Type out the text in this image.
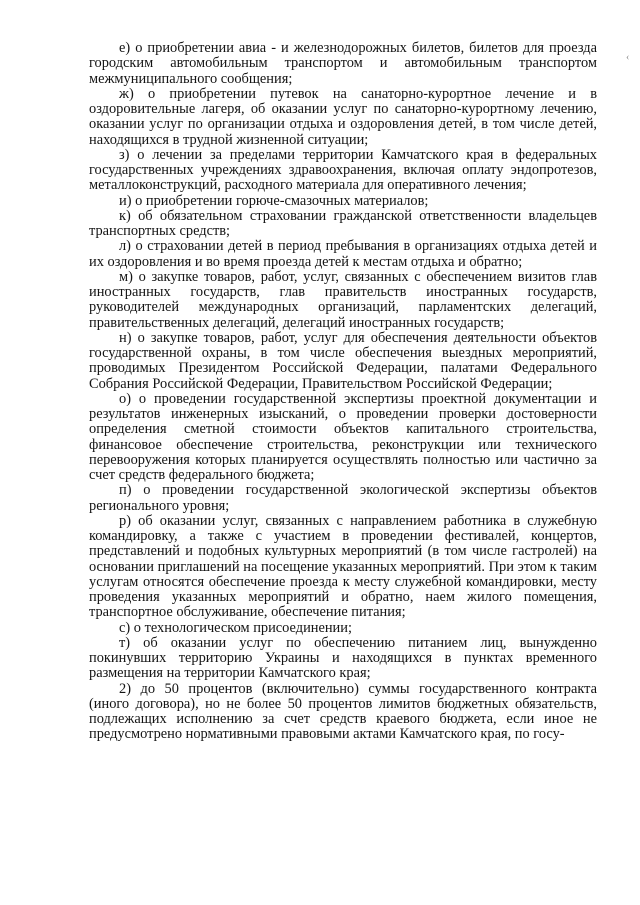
е) о приобретении авиа - и железнодорожных билетов, билетов для проезда городским автомобильным транспортом и автомобильным транспортом межмуниципального сообщения;

ж) о приобретении путевок на санаторно-курортное лечение и в оздоровительные лагеря, об оказании услуг по санаторно-курортному лечению, оказании услуг по организации отдыха и оздоровления детей, в том числе детей, находящихся в трудной жизненной ситуации;

з) о лечении за пределами территории Камчатского края в федеральных государственных учреждениях здравоохранения, включая оплату эндопротезов, металлоконструкций, расходного материала для оперативного лечения;

и) о приобретении горюче-смазочных материалов;

к) об обязательном страховании гражданской ответственности владельцев транспортных средств;

л) о страховании детей в период пребывания в организациях отдыха детей и их оздоровления и во время проезда детей к местам отдыха и обратно;

м) о закупке товаров, работ, услуг, связанных с обеспечением визитов глав иностранных государств, глав правительств иностранных государств, руководителей международных организаций, парламентских делегаций, правительственных делегаций, делегаций иностранных государств;

н) о закупке товаров, работ, услуг для обеспечения деятельности объектов государственной охраны, в том числе обеспечения выездных мероприятий, проводимых Президентом Российской Федерации, палатами Федерального Собрания Российской Федерации, Правительством Российской Федерации;

о) о проведении государственной экспертизы проектной документации и результатов инженерных изысканий, о проведении проверки достоверности определения сметной стоимости объектов капитального строительства, финансовое обеспечение строительства, реконструкции или технического перевооружения которых планируется осуществлять полностью или частично за счет средств федерального бюджета;

п) о проведении государственной экологической экспертизы объектов регионального уровня;

р) об оказании услуг, связанных с направлением работника в служебную командировку, а также с участием в проведении фестивалей, концертов, представлений и подобных культурных мероприятий (в том числе гастролей) на основании приглашений на посещение указанных мероприятий. При этом к таким услугам относятся обеспечение проезда к месту служебной командировки, месту проведения указанных мероприятий и обратно, наем жилого помещения, транспортное обслуживание, обеспечение питания;

с) о технологическом присоединении;

т) об оказании услуг по обеспечению питанием лиц, вынужденно покинувших территорию Украины и находящихся в пунктах временного размещения на территории Камчатского края;

2) до 50 процентов (включительно) суммы государственного контракта (иного договора), но не более 50 процентов лимитов бюджетных обязательств, подлежащих исполнению за счет средств краевого бюджета, если иное не предусмотрено нормативными правовыми актами Камчатского края, по госу-

‹
